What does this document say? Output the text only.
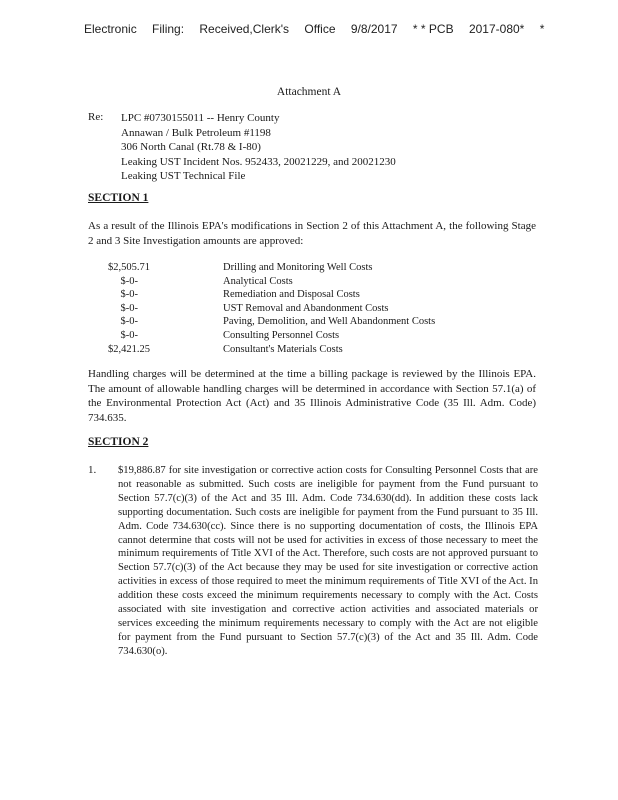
Electronic Filing: Received,Clerk's Office 9/8/2017 * * PCB 2017-080* *
Attachment A
Re: LPC #0730155011 -- Henry County
Annawan / Bulk Petroleum #1198
306 North Canal (Rt.78 & I-80)
Leaking UST Incident Nos. 952433, 20021229, and 20021230
Leaking UST Technical File
SECTION 1
As a result of the Illinois EPA's modifications in Section 2 of this Attachment A, the following Stage 2 and 3 Site Investigation amounts are approved:
$2,505.71	Drilling and Monitoring Well Costs
$-0-	Analytical Costs
$-0-	Remediation and Disposal Costs
$-0-	UST Removal and Abandonment Costs
$-0-	Paving, Demolition, and Well Abandonment Costs
$-0-	Consulting Personnel Costs
$2,421.25	Consultant's Materials Costs
Handling charges will be determined at the time a billing package is reviewed by the Illinois EPA. The amount of allowable handling charges will be determined in accordance with Section 57.1(a) of the Environmental Protection Act (Act) and 35 Illinois Administrative Code (35 Ill. Adm. Code) 734.635.
SECTION 2
1. $19,886.87 for site investigation or corrective action costs for Consulting Personnel Costs that are not reasonable as submitted. Such costs are ineligible for payment from the Fund pursuant to Section 57.7(c)(3) of the Act and 35 Ill. Adm. Code 734.630(dd). In addition these costs lack supporting documentation. Such costs are ineligible for payment from the Fund pursuant to 35 Ill. Adm. Code 734.630(cc). Since there is no supporting documentation of costs, the Illinois EPA cannot determine that costs will not be used for activities in excess of those necessary to meet the minimum requirements of Title XVI of the Act. Therefore, such costs are not approved pursuant to Section 57.7(c)(3) of the Act because they may be used for site investigation or corrective action activities in excess of those required to meet the minimum requirements of Title XVI of the Act. In addition these costs exceed the minimum requirements necessary to comply with the Act. Costs associated with site investigation and corrective action activities and associated materials or services exceeding the minimum requirements necessary to comply with the Act are not eligible for payment from the Fund pursuant to Section 57.7(c)(3) of the Act and 35 Ill. Adm. Code 734.630(o).
